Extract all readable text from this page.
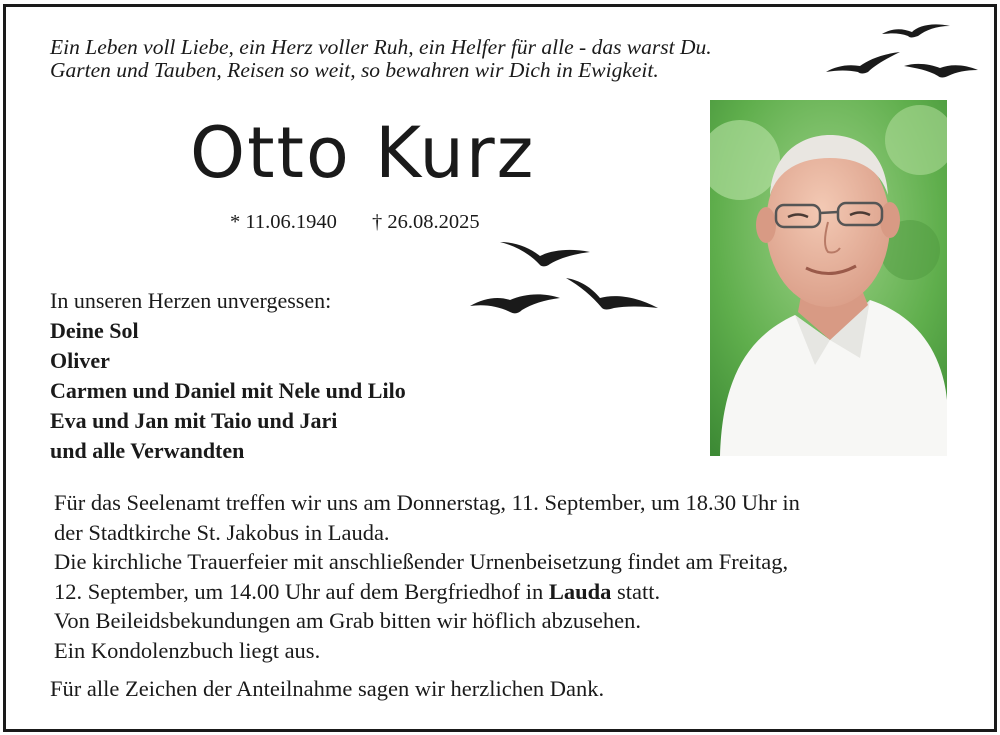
Ein Leben voll Liebe, ein Herz voller Ruh, ein Helfer für alle - das warst Du.
Garten und Tauben, Reisen so weit, so bewahren wir Dich in Ewigkeit.
Otto Kurz
* 11.06.1940 † 26.08.2025
In unseren Herzen unvergessen:
Deine Sol
Oliver
Carmen und Daniel mit Nele und Lilo
Eva und Jan mit Taio und Jari
und alle Verwandten
Für das Seelenamt treffen wir uns am Donnerstag, 11. September, um 18.30 Uhr in
der Stadtkirche St. Jakobus in Lauda.
Die kirchliche Trauerfeier mit anschließender Urnenbeisetzung findet am Freitag,
12. September, um 14.00 Uhr auf dem Bergfriedhof in Lauda statt.
Von Beileidsbekundungen am Grab bitten wir höflich abzusehen.
Ein Kondolenzbuch liegt aus.
Für alle Zeichen der Anteilnahme sagen wir herzlichen Dank.
